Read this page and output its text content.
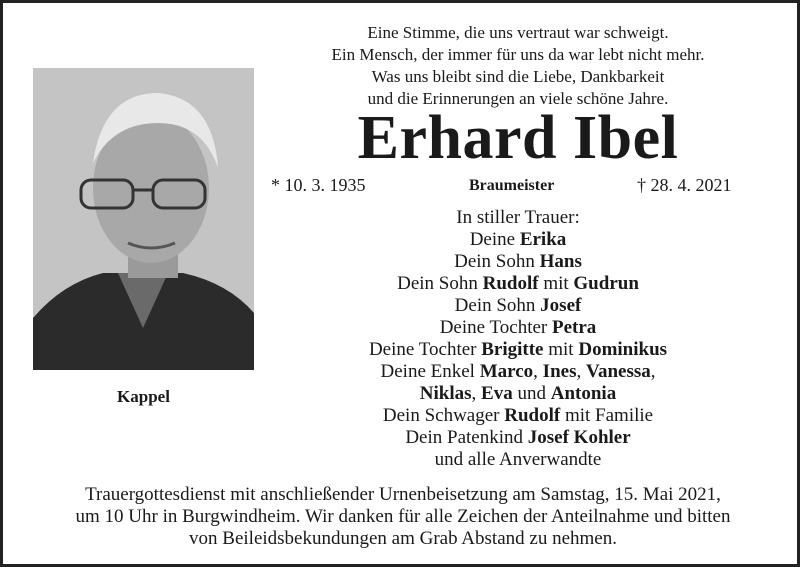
Kappel
Eine Stimme, die uns vertraut war schweigt.
Ein Mensch, der immer für uns da war lebt nicht mehr.
Was uns bleibt sind die Liebe, Dankbarkeit
und die Erinnerungen an viele schöne Jahre.
Erhard Ibel
* 10. 3. 1935	Braumeister	† 28. 4. 2021
In stiller Trauer:
Deine Erika
Dein Sohn Hans
Dein Sohn Rudolf mit Gudrun
Dein Sohn Josef
Deine Tochter Petra
Deine Tochter Brigitte mit Dominikus
Deine Enkel Marco, Ines, Vanessa,
Niklas, Eva und Antonia
Dein Schwager Rudolf mit Familie
Dein Patenkind Josef Kohler
und alle Anverwandte
Trauergottesdienst mit anschließender Urnenbeisetzung am Samstag, 15. Mai 2021,
um 10 Uhr in Burgwindheim. Wir danken für alle Zeichen der Anteilnahme und bitten
von Beileidsbekundungen am Grab Abstand zu nehmen.
